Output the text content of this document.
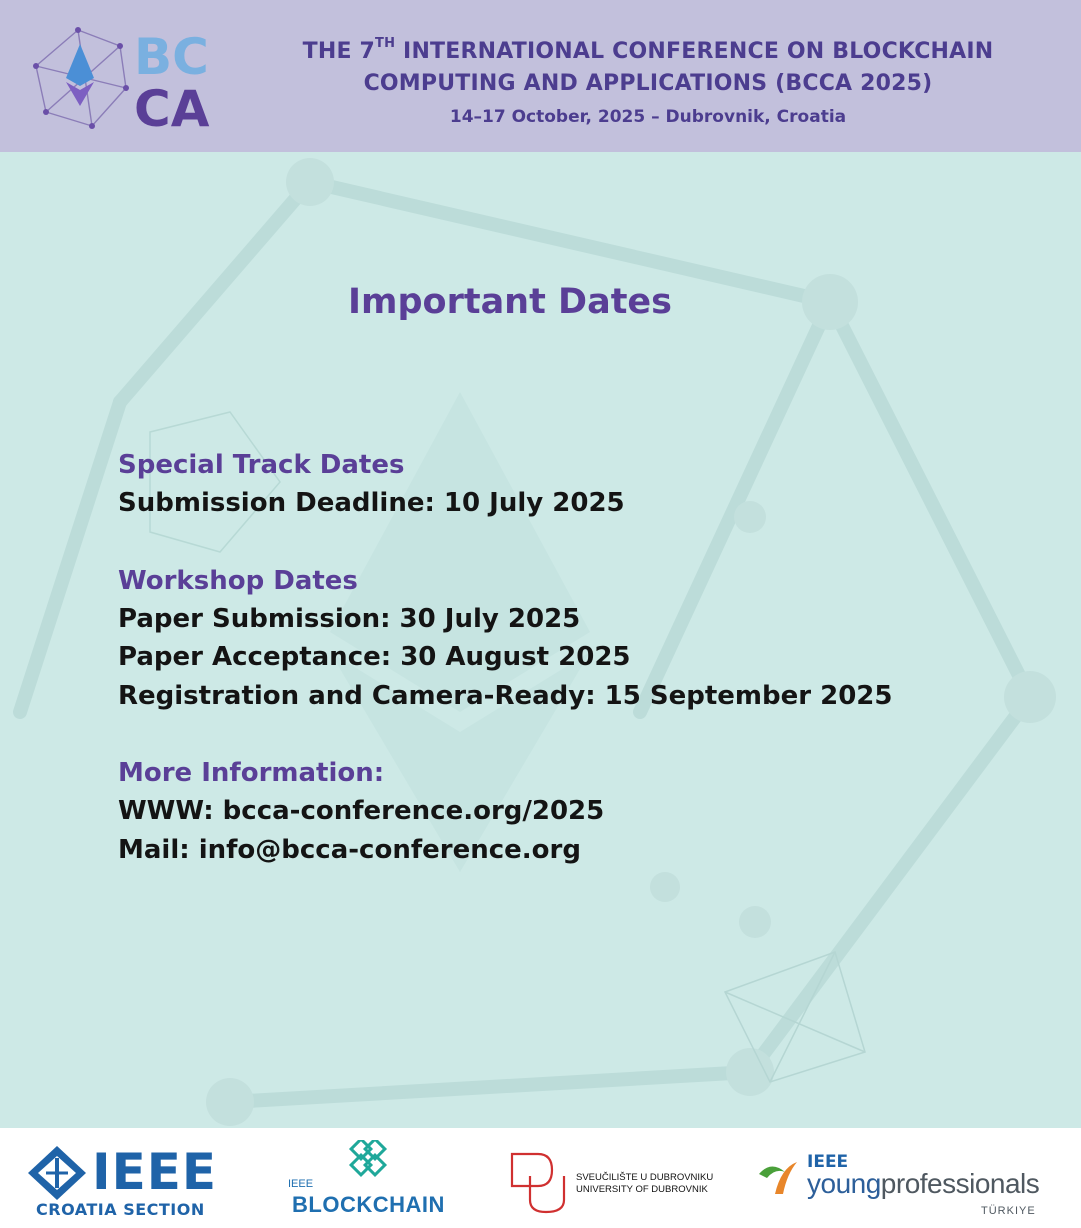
BC
CA
THE 7TH INTERNATIONAL CONFERENCE ON BLOCKCHAIN
COMPUTING AND APPLICATIONS (BCCA 2025)
14–17 October, 2025 – Dubrovnik, Croatia
Important Dates
Special Track Dates
Submission Deadline: 10 July 2025
Workshop Dates
Paper Submission: 30 July 2025
Paper Acceptance: 30 August 2025
Registration and Camera-Ready: 15 September 2025
More Information:
WWW: bcca-conference.org/2025
Mail: info@bcca-conference.org
IEEE
CROATIA SECTION
IEEE
BLOCKCHAIN
SVEUČILIŠTE U DUBROVNIKU
UNIVERSITY OF DUBROVNIK
IEEE
youngprofessionals
TÜRKIYE
